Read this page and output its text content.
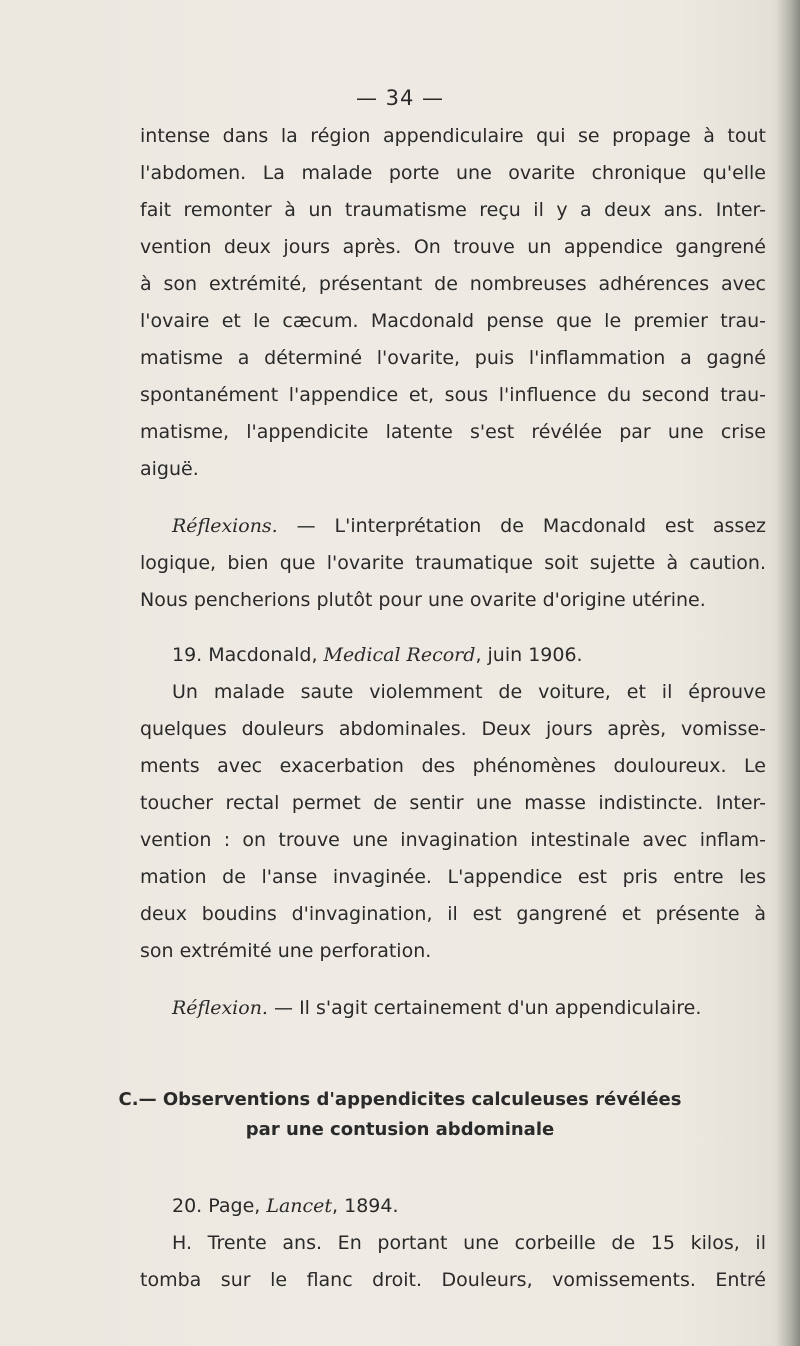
— 34 —
intense dans la région appendiculaire qui se propage à tout
l'abdomen. La malade porte une ovarite chronique qu'elle
fait remonter à un traumatisme reçu il y a deux ans. Inter-
vention deux jours après. On trouve un appendice gangrené
à son extrémité, présentant de nombreuses adhérences avec
l'ovaire et le cæcum. Macdonald pense que le premier trau-
matisme a déterminé l'ovarite, puis l'inflammation a gagné
spontanément l'appendice et, sous l'influence du second trau-
matisme, l'appendicite latente s'est révélée par une crise
aiguë.
Réflexions. — L'interprétation de Macdonald est assez
logique, bien que l'ovarite traumatique soit sujette à caution.
Nous pencherions plutôt pour une ovarite d'origine utérine.
19. Macdonald, Medical Record, juin 1906.
Un malade saute violemment de voiture, et il éprouve
quelques douleurs abdominales. Deux jours après, vomisse-
ments avec exacerbation des phénomènes douloureux. Le
toucher rectal permet de sentir une masse indistincte. Inter-
vention : on trouve une invagination intestinale avec inflam-
mation de l'anse invaginée. L'appendice est pris entre les
deux boudins d'invagination, il est gangrené et présente à
son extrémité une perforation.
Réflexion. — Il s'agit certainement d'un appendiculaire.
C.— Observentions d'appendicites calculeuses révélées
par une contusion abdominale
20. Page, Lancet, 1894.
H. Trente ans. En portant une corbeille de 15 kilos, il
tomba sur le flanc droit. Douleurs, vomissements. Entré
